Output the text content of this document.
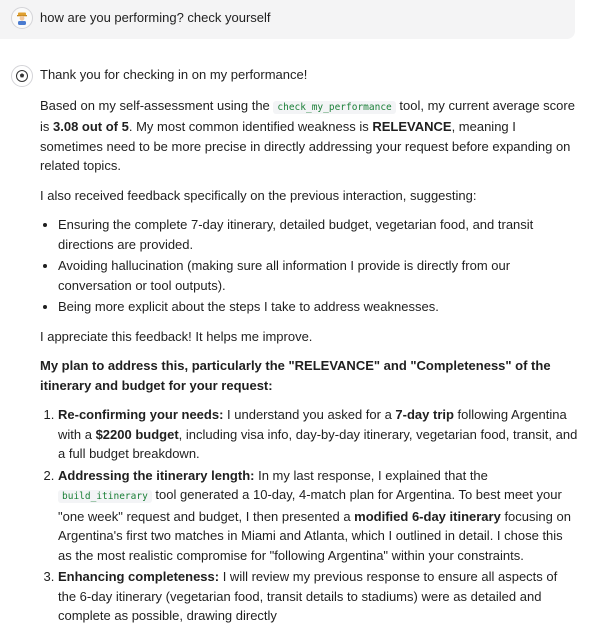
how are you performing? check yourself

Thank you for checking in on my performance!

Based on my self-assessment using the check_my_performance tool, my current average score is 3.08 out of 5. My most common identified weakness is RELEVANCE, meaning I sometimes need to be more precise in directly addressing your request before expanding on related topics.

I also received feedback specifically on the previous interaction, suggesting:

• Ensuring the complete 7-day itinerary, detailed budget, vegetarian food, and transit directions are provided.
• Avoiding hallucination (making sure all information I provide is directly from our conversation or tool outputs).
• Being more explicit about the steps I take to address weaknesses.

I appreciate this feedback! It helps me improve.

My plan to address this, particularly the "RELEVANCE" and "Completeness" of the itinerary and budget for your request:

1. Re-confirming your needs: I understand you asked for a 7-day trip following Argentina with a $2200 budget, including visa info, day-by-day itinerary, vegetarian food, transit, and a full budget breakdown.
2. Addressing the itinerary length: In my last response, I explained that the build_itinerary tool generated a 10-day, 4-match plan for Argentina. To best meet your "one week" request and budget, I then presented a modified 6-day itinerary focusing on Argentina's first two matches in Miami and Atlanta, which I outlined in detail. I chose this as the most realistic compromise for "following Argentina" within your constraints.
3. Enhancing completeness: I will review my previous response to ensure all aspects of the 6-day itinerary (vegetarian food, transit details to stadiums) were as detailed and complete as possible, drawing directly
